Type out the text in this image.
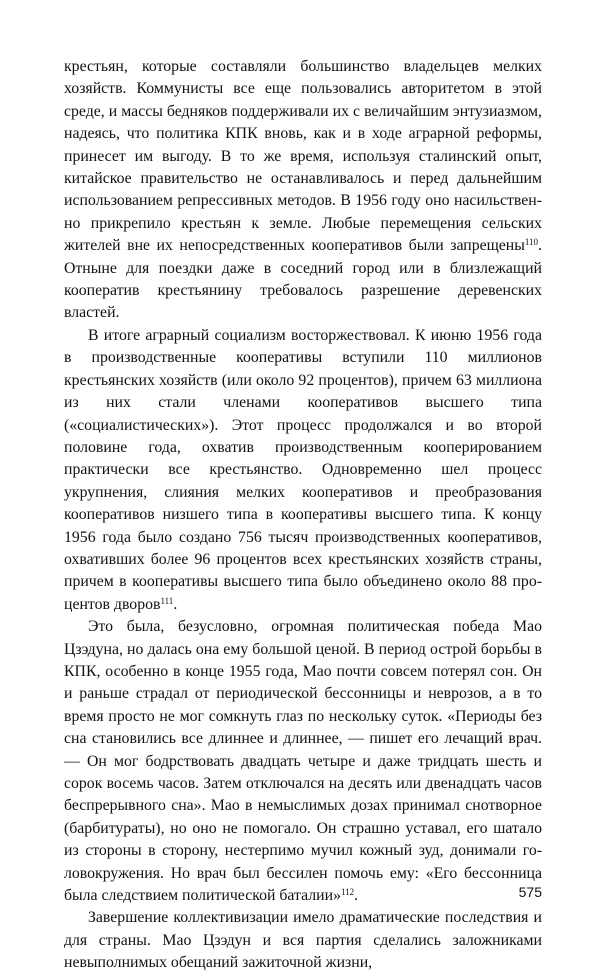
крестьян, которые составляли большинство владельцев мелких хозяйств. Коммунисты все еще пользовались авторитетом в этой среде, и массы бедняков поддерживали их с величайшим энтузиазмом, надеясь, что политика КПК вновь, как и в ходе аграрной реформы, принесет им выгоду. В то же время, используя сталинский опыт, китайское правительство не останавливалось и перед дальнейшим использованием репрессивных методов. В 1956 году оно насильственно прикрепило крестьян к земле. Любые перемещения сельских жителей вне их непосредственных кооперативов были запрещены$^{110}$. Отныне для поездки даже в соседний город или в близлежащий кооператив крестьянину требовалось разрешение деревенских властей.

В итоге аграрный социализм восторжествовал. К июню 1956 года в производственные кооперативы вступили 110 миллионов крестьянских хозяйств (или около 92 процентов), причем 63 миллиона из них стали членами кооперативов высшего типа («социалистических»). Этот процесс продолжался и во второй половине года, охватив производственным кооперированием практически все крестьянство. Одновременно шел процесс укрупнения, слияния мелких кооперативов и преобразования кооперативов низшего типа в кооперативы высшего типа. К концу 1956 года было создано 756 тысяч производственных кооперативов, охвативших более 96 процентов всех крестьянских хозяйств страны, причем в кооперативы высшего типа было объединено около 88 процентов дворов$^{111}$.

Это была, безусловно, огромная политическая победа Мао Цзэдуна, но далась она ему большой ценой. В период острой борьбы в КПК, особенно в конце 1955 года, Мао почти совсем потерял сон. Он и раньше страдал от периодической бессонницы и неврозов, а в то время просто не мог сомкнуть глаз по нескольку суток. «Периоды без сна становились все длиннее и длиннее, — пишет его лечащий врач. — Он мог бодрствовать двадцать четыре и даже тридцать шесть и сорок восемь часов. Затем отключался на десять или двенадцать часов беспрерывного сна». Мао в немыслимых дозах принимал снотворное (барбитураты), но оно не помогало. Он страшно уставал, его шатало из стороны в сторону, нестерпимо мучил кожный зуд, донимали головокружения. Но врач был бессилен помочь ему: «Его бессонница была следствием политической баталии»$^{112}$.

Завершение коллективизации имело драматические последствия и для страны. Мао Цзэдун и вся партия сделались заложниками невыполнимых обещаний зажиточной жизни,

575
